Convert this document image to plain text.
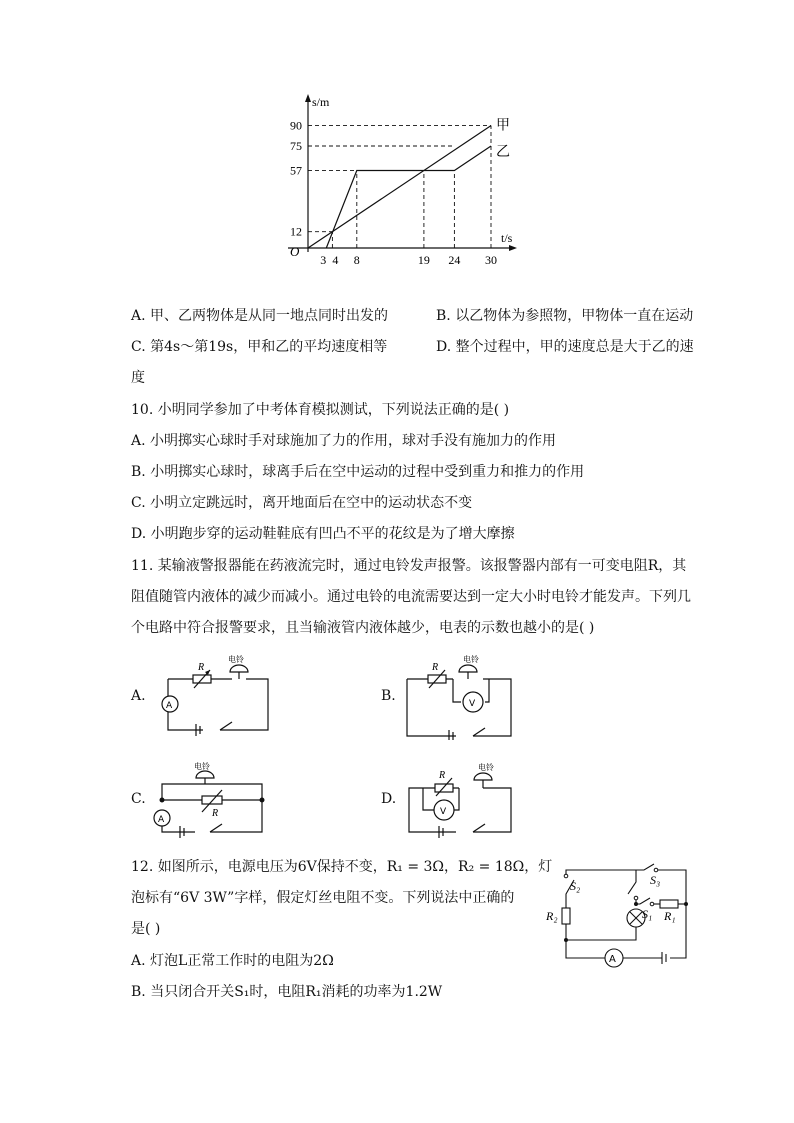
甲
乙
12
57
75
90
3 4 8	19 24 30
O
s/m
t/s
A. 甲、乙两物体是从同一地点同时出发的	B. 以乙物体为参照物，甲物体一直在运动
C. 第4s～第19s，甲和乙的平均速度相等	D. 整个过程中，甲的速度总是大于乙的速
度
10. 小明同学参加了中考体育模拟测试，下列说法正确的是( )
A. 小明掷实心球时手对球施加了力的作用，球对手没有施加力的作用
B. 小明掷实心球时，球离手后在空中运动的过程中受到重力和推力的作用
C. 小明立定跳远时，离开地面后在空中的运动状态不变
D. 小明跑步穿的运动鞋鞋底有凹凸不平的花纹是为了增大摩擦
11. 某输液警报器能在药液流完时，通过电铃发声报警。该报警器内部有一可变电阻R，其
阻值随管内液体的减少而减小。通过电铃的电流需要达到一定大小时电铃才能发声。下列几
个电路中符合报警要求，且当输液管内液体越少，电表的示数也越小的是( )
A.	B.
C.	D.
R
电铃
A
R
电铃
V
R
电铃
A
R
电铃
V
12. 如图所示，电源电压为6V保持不变，R₁ = 3Ω，R₂ = 18Ω，灯
泡标有“6V 3W”字样，假定灯丝电阻不变。下列说法中正确的
是( )
A. 灯泡L正常工作时的电阻为2Ω
B. 当只闭合开关S₁时，电阻R₁消耗的功率为1.2W
S₂	S₃
S₁ R₁
R₂
A
